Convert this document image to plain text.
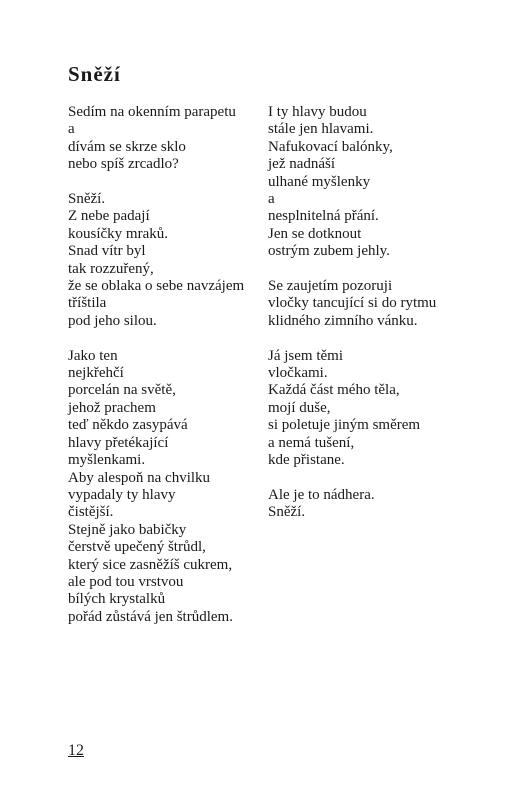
Sněží
Sedím na okenním parapetu
a
dívám se skrze sklo
nebo spíš zrcadlo?
Sněží.
Z nebe padají
kousíčky mraků.
Snad vítr byl
tak rozzuřený,
že se oblaka o sebe navzájem
tříštila
pod jeho silou.
Jako ten
nejkřehčí
porcelán na světě,
jehož prachem
teď někdo zasypává
hlavy přetékající
myšlenkami.
Aby alespoň na chvilku
vypadaly ty hlavy
čistější.
Stejně jako babičky
čerstvě upečený štrůdl,
který sice zasněžíš cukrem,
ale pod tou vrstvou
bílých krystalků
pořád zůstává jen štrůdlem.
I ty hlavy budou
stále jen hlavami.
Nafukovací balónky,
jež nadnáší
ulhané myšlenky
a
nesplnitelná přání.
Jen se dotknout
ostrým zubem jehly.
Se zaujetím pozoruji
vločky tancující si do rytmu
klidného zimního vánku.
Já jsem těmi
vločkami.
Každá část mého těla,
mojí duše,
si poletuje jiným směrem
a nemá tušení,
kde přistane.
Ale je to nádhera.
Sněží.
12
